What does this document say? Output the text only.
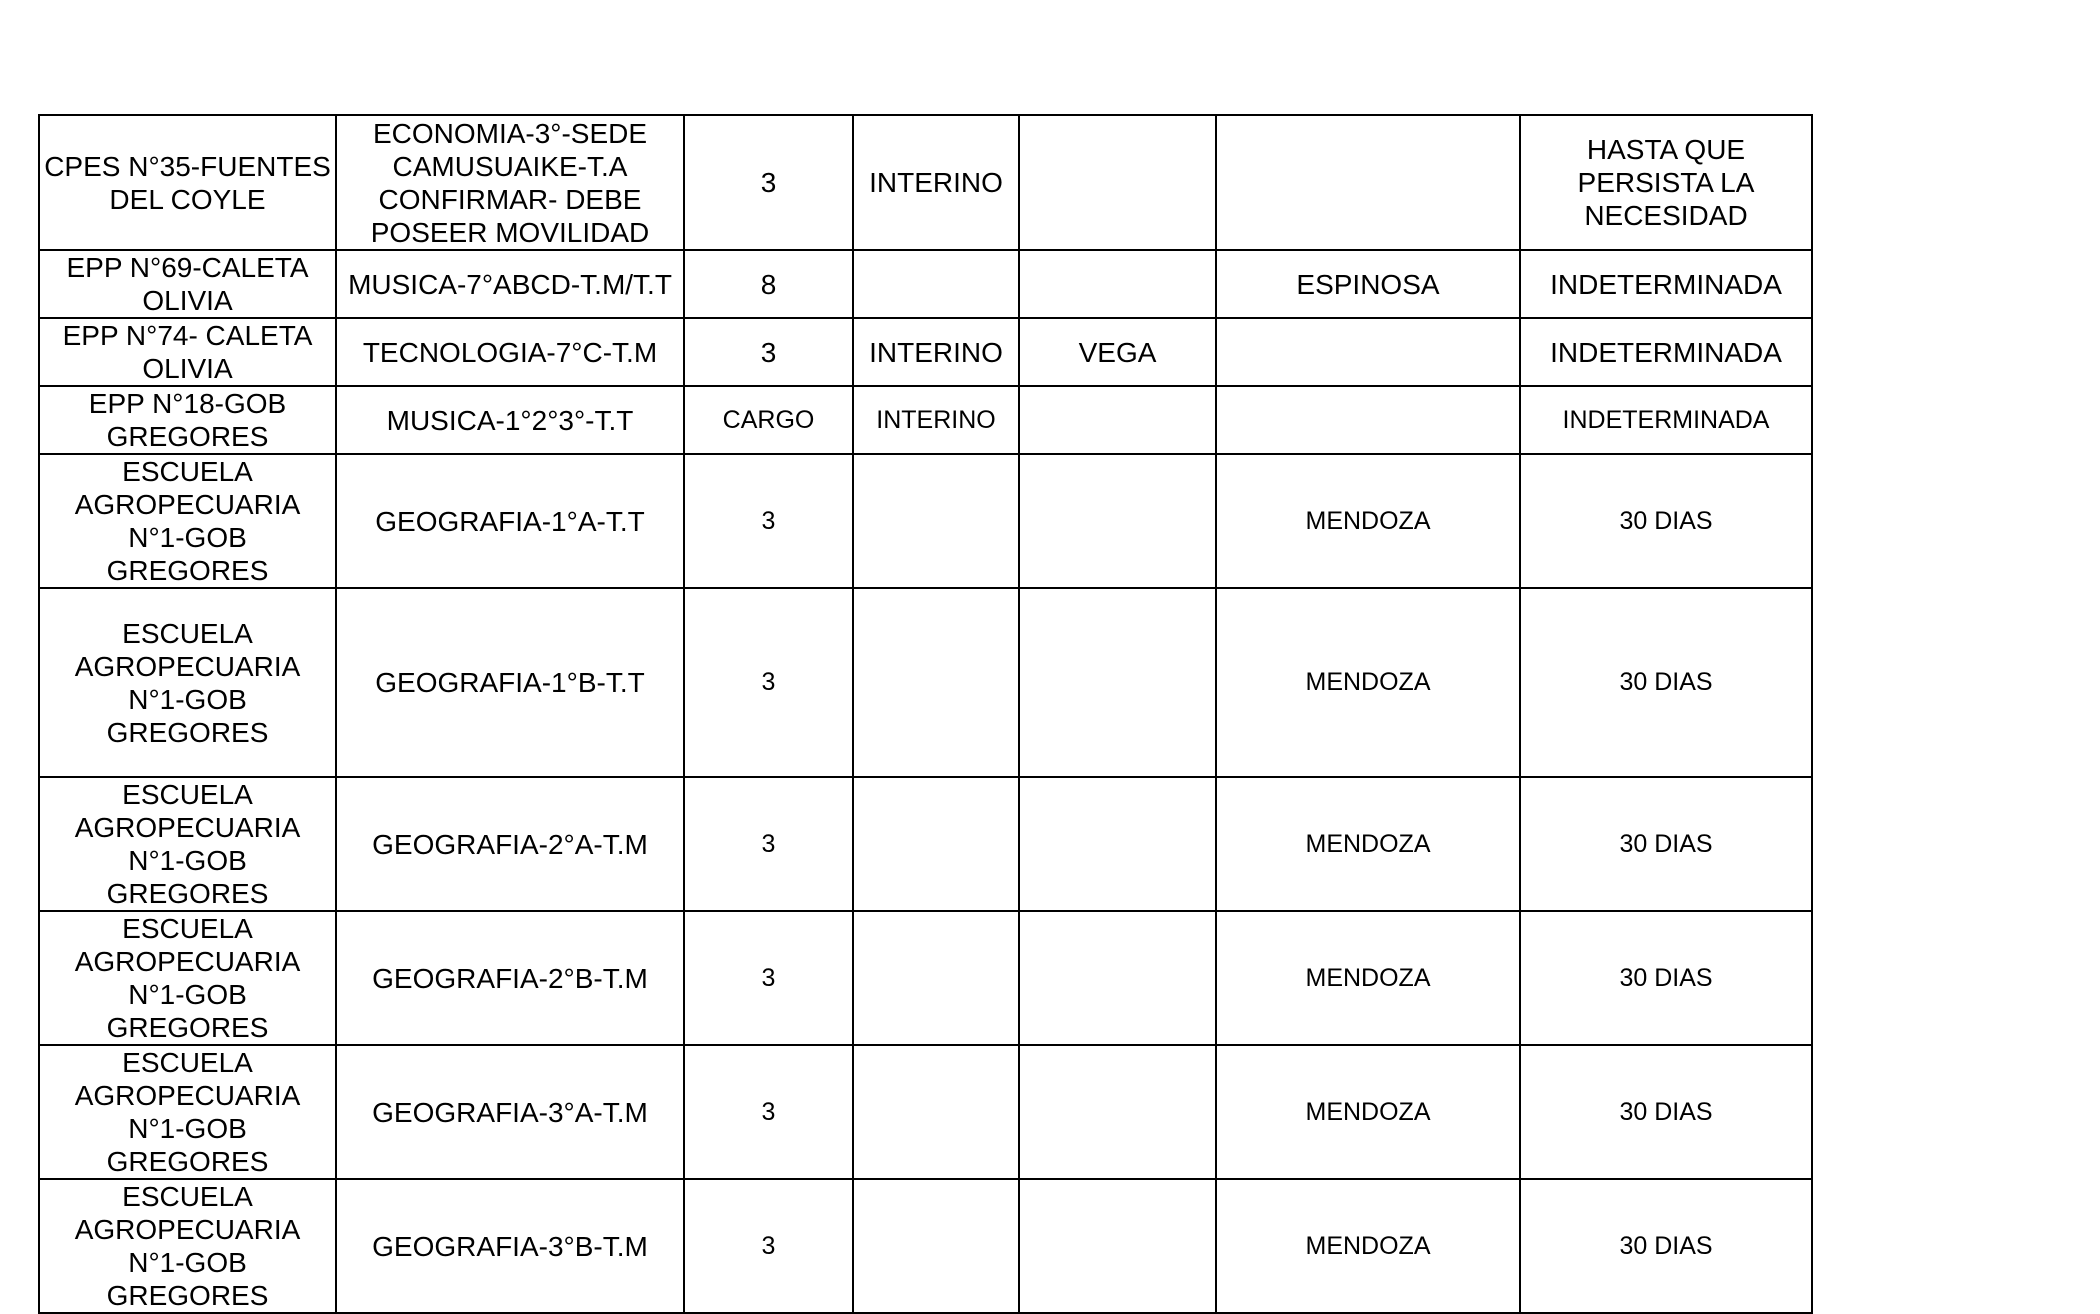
CPES N°35-FUENTES DEL COYLE	ECONOMIA-3°-SEDE CAMUSUAIKE-T.A CONFIRMAR- DEBE POSEER MOVILIDAD	3	INTERINO			HASTA QUE PERSISTA LA NECESIDAD
EPP N°69-CALETA OLIVIA	MUSICA-7°ABCD-T.M/T.T	8			ESPINOSA	INDETERMINADA
EPP N°74- CALETA OLIVIA	TECNOLOGIA-7°C-T.M	3	INTERINO	VEGA		INDETERMINADA
EPP N°18-GOB GREGORES	MUSICA-1°2°3°-T.T	CARGO	INTERINO			INDETERMINADA
ESCUELA AGROPECUARIA N°1-GOB GREGORES	GEOGRAFIA-1°A-T.T	3			MENDOZA	30 DIAS
ESCUELA AGROPECUARIA N°1-GOB GREGORES	GEOGRAFIA-1°B-T.T	3			MENDOZA	30 DIAS
ESCUELA AGROPECUARIA N°1-GOB GREGORES	GEOGRAFIA-2°A-T.M	3			MENDOZA	30 DIAS
ESCUELA AGROPECUARIA N°1-GOB GREGORES	GEOGRAFIA-2°B-T.M	3			MENDOZA	30 DIAS
ESCUELA AGROPECUARIA N°1-GOB GREGORES	GEOGRAFIA-3°A-T.M	3			MENDOZA	30 DIAS
ESCUELA AGROPECUARIA N°1-GOB GREGORES	GEOGRAFIA-3°B-T.M	3			MENDOZA	30 DIAS
